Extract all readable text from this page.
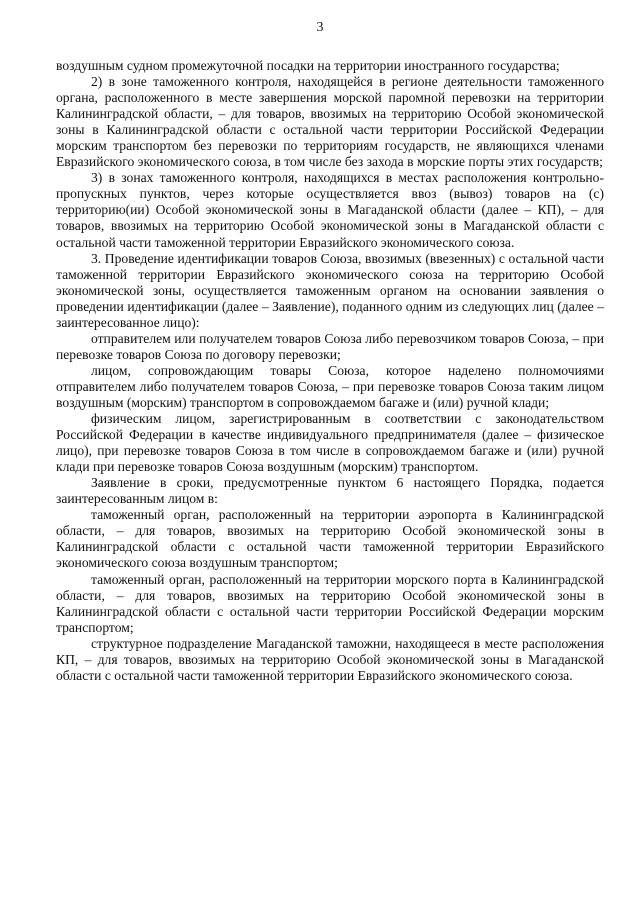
3

воздушным судном промежуточной посадки на территории иностранного государства;

2) в зоне таможенного контроля, находящейся в регионе деятельности таможенного органа, расположенного в месте завершения морской паромной перевозки на территории Калининградской области, – для товаров, ввозимых на территорию Особой экономической зоны в Калининградской области с остальной части территории Российской Федерации морским транспортом без перевозки по территориям государств, не являющихся членами Евразийского экономического союза, в том числе без захода в морские порты этих государств;

3) в зонах таможенного контроля, находящихся в местах расположения контрольно-пропускных пунктов, через которые осуществляется ввоз (вывоз) товаров на (с) территорию(ии) Особой экономической зоны в Магаданской области (далее – КП), – для товаров, ввозимых на территорию Особой экономической зоны в Магаданской области с остальной части таможенной территории Евразийского экономического союза.

3. Проведение идентификации товаров Союза, ввозимых (ввезенных) с остальной части таможенной территории Евразийского экономического союза на территорию Особой экономической зоны, осуществляется таможенным органом на основании заявления о проведении идентификации (далее – Заявление), поданного одним из следующих лиц (далее – заинтересованное лицо):

отправителем или получателем товаров Союза либо перевозчиком товаров Союза, – при перевозке товаров Союза по договору перевозки;

лицом, сопровождающим товары Союза, которое наделено полномочиями отправителем либо получателем товаров Союза, – при перевозке товаров Союза таким лицом воздушным (морским) транспортом в сопровождаемом багаже и (или) ручной клади;

физическим лицом, зарегистрированным в соответствии с законодательством Российской Федерации в качестве индивидуального предпринимателя (далее – физическое лицо), при перевозке товаров Союза в том числе в сопровождаемом багаже и (или) ручной клади при перевозке товаров Союза воздушным (морским) транспортом.

Заявление в сроки, предусмотренные пунктом 6 настоящего Порядка, подается заинтересованным лицом в:

таможенный орган, расположенный на территории аэропорта в Калининградской области, – для товаров, ввозимых на территорию Особой экономической зоны в Калининградской области с остальной части таможенной территории Евразийского экономического союза воздушным транспортом;

таможенный орган, расположенный на территории морского порта в Калининградской области, – для товаров, ввозимых на территорию Особой экономической зоны в Калининградской области с остальной части территории Российской Федерации морским транспортом;

структурное подразделение Магаданской таможни, находящееся в месте расположения КП, – для товаров, ввозимых на территорию Особой экономической зоны в Магаданской области с остальной части таможенной территории Евразийского экономического союза.
